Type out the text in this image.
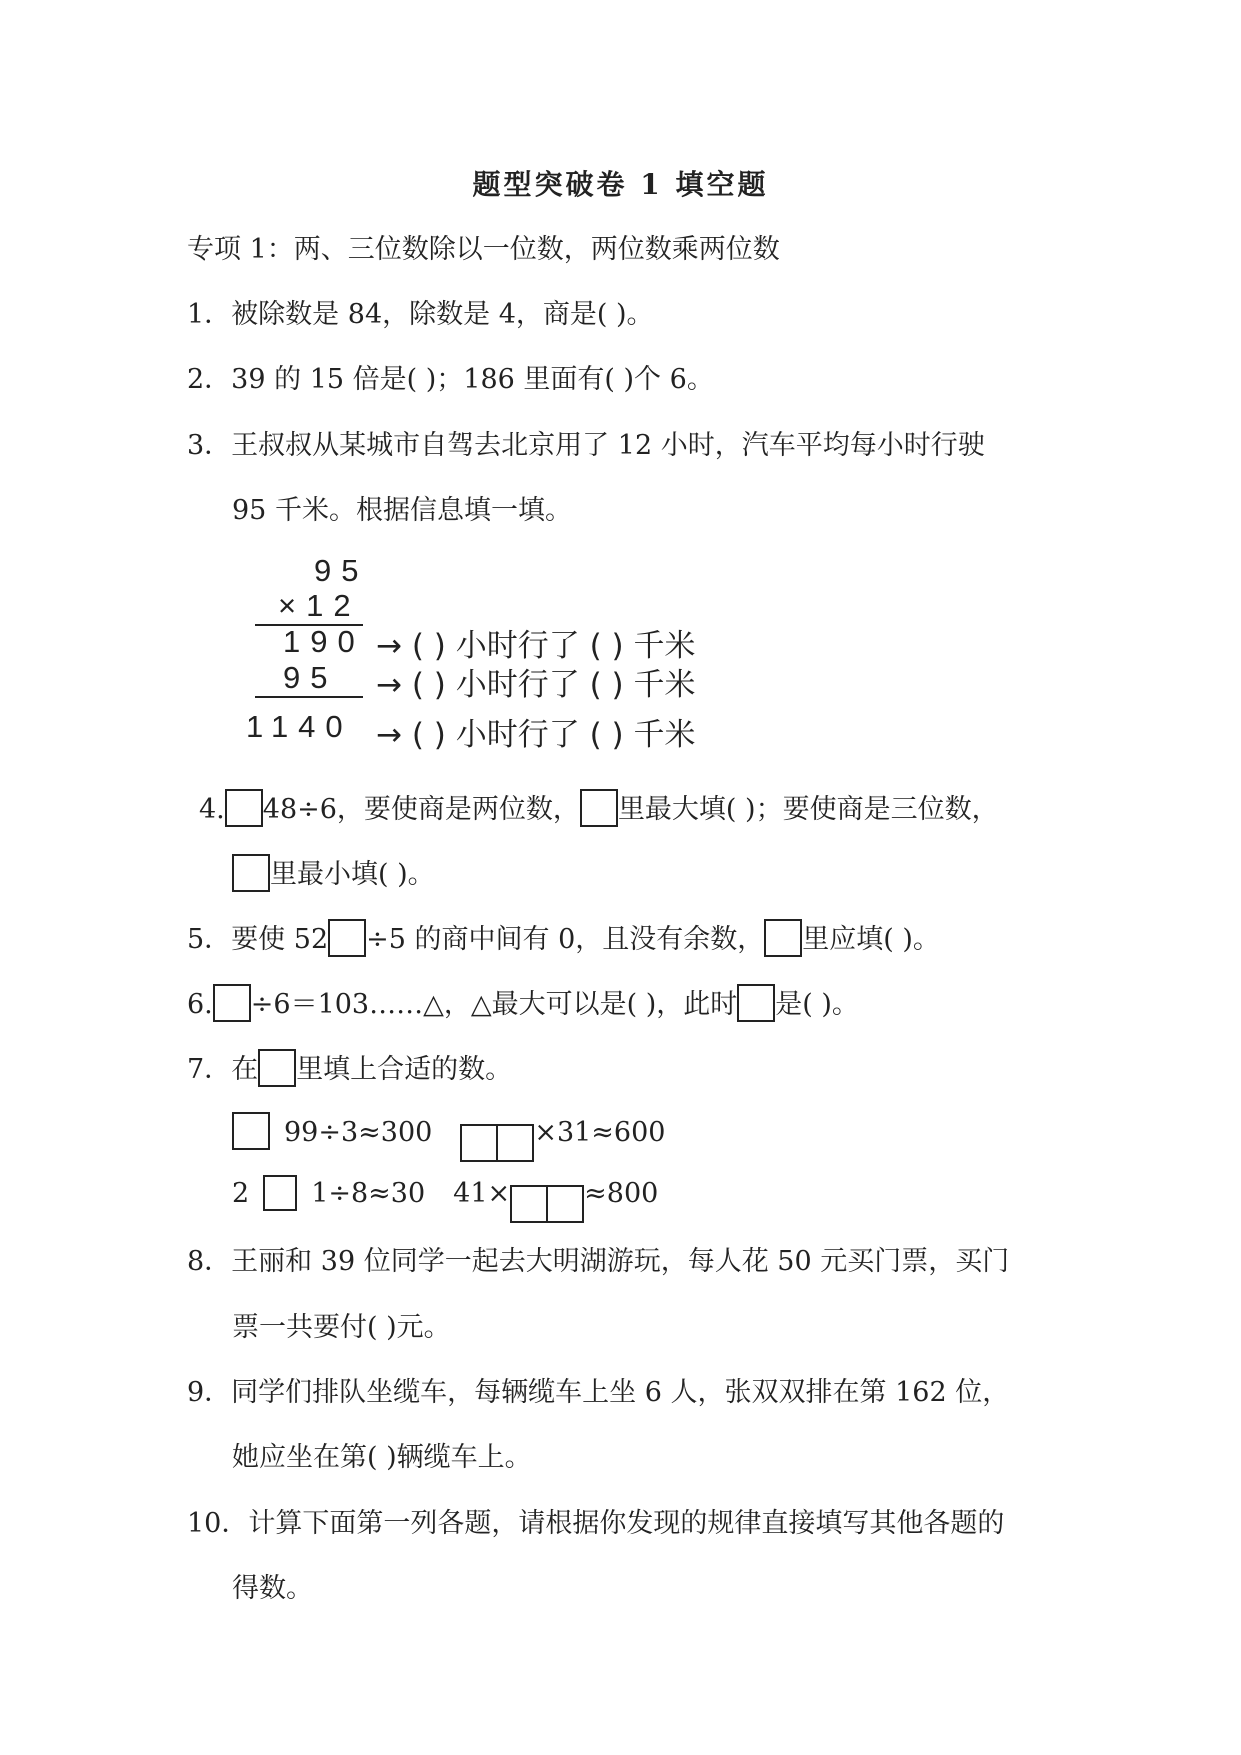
题型突破卷 1 填空题
专项 1：两、三位数除以一位数，两位数乘两位数
1．被除数是 84，除数是 4，商是( )。
2．39 的 15 倍是( )；186 里面有( )个 6。
3．王叔叔从某城市自驾去北京用了 12 小时，汽车平均每小时行驶
95 千米。根据信息填一填。
95
×12
190
95
1140
→ ( ) 小时行了 ( ) 千米
→ ( ) 小时行了 ( ) 千米
→ ( ) 小时行了 ( ) 千米
4. 48÷6，要使商是两位数， 里最大填( )；要使商是三位数，
里最小填( )。
5．要使 52 ÷5 的商中间有 0，且没有余数， 里应填( )。
6. ÷6＝103……△，△最大可以是( )，此时 是( )。
7．在 里填上合适的数。
99÷3≈300	×31≈600
2 1÷8≈30 41×	≈800
8．王丽和 39 位同学一起去大明湖游玩，每人花 50 元买门票，买门
票一共要付( )元。
9．同学们排队坐缆车，每辆缆车上坐 6 人，张双双排在第 162 位，
她应坐在第( )辆缆车上。
10．计算下面第一列各题，请根据你发现的规律直接填写其他各题的
得数。
